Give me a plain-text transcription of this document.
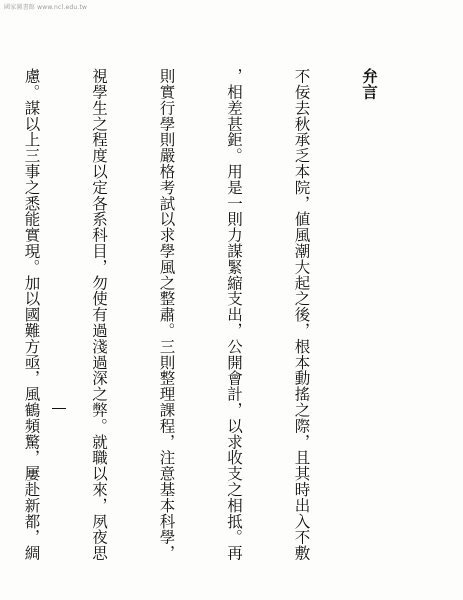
國家圖書館 www.ncl.edu.tw

弁言

不佞去秋承乏本院，値風潮大起之後，根本動搖之際，且其時出入不敷

，相差甚鉅。用是一則力謀緊縮支出，公開會計，以求收支之相抵。再

則實行學則嚴格考試以求學風之整肅。三則整理課程，注意基本科學，

視學生之程度以定各系科目，勿使有過淺過深之弊。就職以來，夙夜思

慮。謀以上三事之悉能實現。加以國難方亟，風鶴頻驚，屢赴新都，綢
